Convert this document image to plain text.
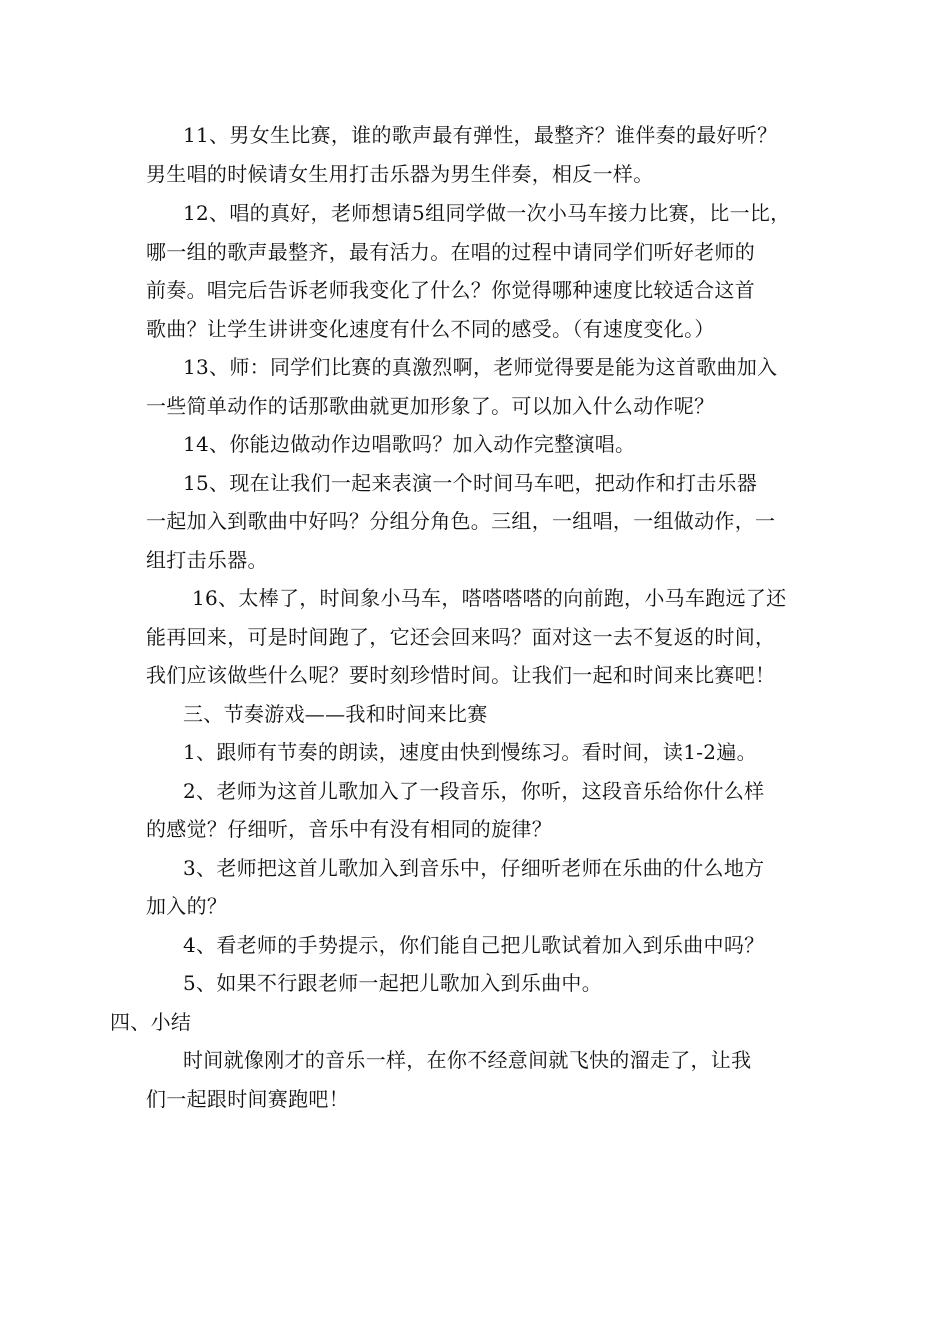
11、男女生比赛，谁的歌声最有弹性，最整齐？谁伴奏的最好听？
男生唱的时候请女生用打击乐器为男生伴奏，相反一样。
12、唱的真好，老师想请5组同学做一次小马车接力比赛，比一比，
哪一组的歌声最整齐，最有活力。在唱的过程中请同学们听好老师的
前奏。唱完后告诉老师我变化了什么？你觉得哪种速度比较适合这首
歌曲？让学生讲讲变化速度有什么不同的感受。（有速度变化。）
13、师：同学们比赛的真激烈啊，老师觉得要是能为这首歌曲加入
一些简单动作的话那歌曲就更加形象了。可以加入什么动作呢？
14、你能边做动作边唱歌吗？加入动作完整演唱。
15、现在让我们一起来表演一个时间马车吧，把动作和打击乐器
一起加入到歌曲中好吗？分组分角色。三组，一组唱，一组做动作，一
组打击乐器。
16、太棒了，时间象小马车，嗒嗒嗒嗒的向前跑，小马车跑远了还
能再回来，可是时间跑了，它还会回来吗？面对这一去不复返的时间，
我们应该做些什么呢？要时刻珍惜时间。让我们一起和时间来比赛吧！
三、节奏游戏——我和时间来比赛
1、跟师有节奏的朗读，速度由快到慢练习。看时间，读1-2遍。
2、老师为这首儿歌加入了一段音乐，你听，这段音乐给你什么样
的感觉？仔细听，音乐中有没有相同的旋律？
3、老师把这首儿歌加入到音乐中，仔细听老师在乐曲的什么地方
加入的？
4、看老师的手势提示，你们能自己把儿歌试着加入到乐曲中吗？
5、如果不行跟老师一起把儿歌加入到乐曲中。
四、小结
时间就像刚才的音乐一样，在你不经意间就飞快的溜走了，让我
们一起跟时间赛跑吧！
